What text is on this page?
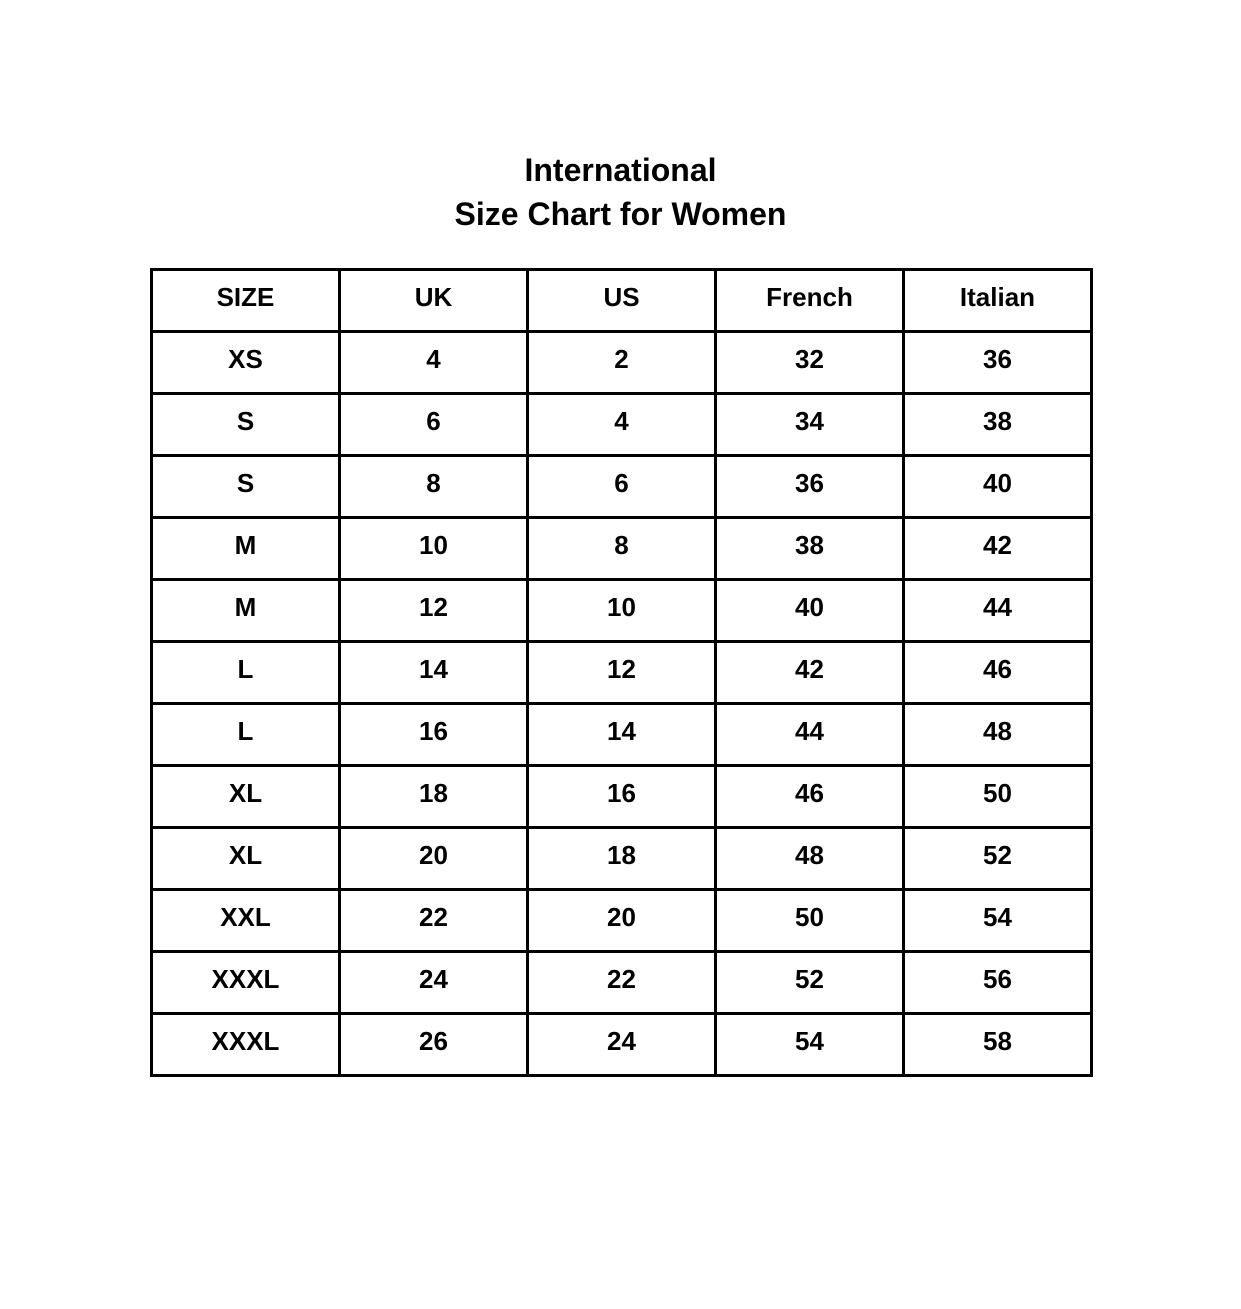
International
Size Chart for Women
SIZE	UK	US	French	Italian
XS	4	2	32	36
S	6	4	34	38
S	8	6	36	40
M	10	8	38	42
M	12	10	40	44
L	14	12	42	46
L	16	14	44	48
XL	18	16	46	50
XL	20	18	48	52
XXL	22	20	50	54
XXXL	24	22	52	56
XXXL	26	24	54	58
